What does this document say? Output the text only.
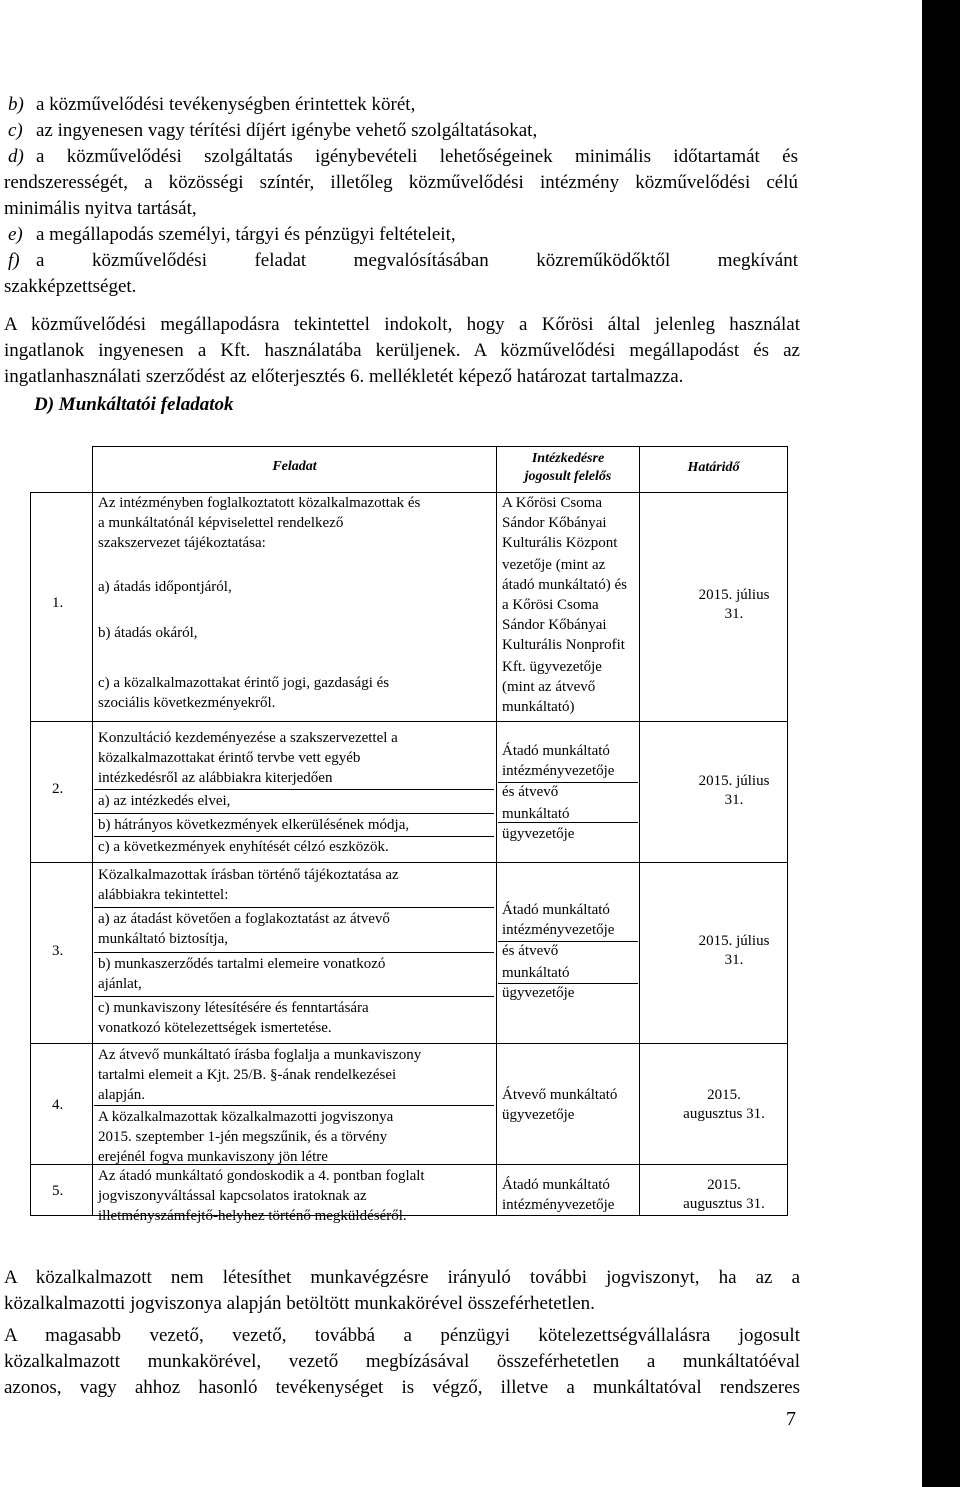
b) a közművelődési tevékenységben érintettek körét,
c) az ingyenesen vagy térítési díjért igénybe vehető szolgáltatásokat,
d) a közművelődési szolgáltatás igénybevételi lehetőségeinek minimális időtartamát és
rendszerességét, a közösségi színtér, illetőleg közművelődési intézmény közművelődési célú
minimális nyitva tartását,
e) a megállapodás személyi, tárgyi és pénzügyi feltételeit,
f) a közművelődési feladat megvalósításában közreműködőktől megkívánt
szakképzettséget.
A közművelődési megállapodásra tekintettel indokolt, hogy a Kőrösi által jelenleg használat
ingatlanok ingyenesen a Kft. használatába kerüljenek. A közművelődési megállapodást és az
ingatlanhasználati szerződést az előterjesztés 6. mellékletét képező határozat tartalmazza.
D) Munkáltatói feladatok
Feladat
Intézkedésre
jogosult felelős
Határidő
1.
Az intézményben foglalkoztatott közalkalmazottak és
a munkáltatónál képviselettel rendelkező
szakszervezet tájékoztatása:
a) átadás időpontjáról,
b) átadás okáról,
c) a közalkalmazottakat érintő jogi, gazdasági és
szociális következményekről.
A Kőrösi Csoma
Sándor Kőbányai
Kulturális Központ
vezetője (mint az
átadó munkáltató) és
a Kőrösi Csoma
Sándor Kőbányai
Kulturális Nonprofit
Kft. ügyvezetője
(mint az átvevő
munkáltató)
2015. július
31.
2.
Konzultáció kezdeményezése a szakszervezettel a
közalkalmazottakat érintő tervbe vett egyéb
intézkedésről az alábbiakra kiterjedően
a) az intézkedés elvei,
b) hátrányos következmények elkerülésének módja,
c) a következmények enyhítését célzó eszközök.
Átadó munkáltató
intézményvezetője
és átvevő
munkáltató
ügyvezetője
2015. július
31.
3.
Közalkalmazottak írásban történő tájékoztatása az
alábbiakra tekintettel:
a) az átadást követően a foglakoztatást az átvevő
munkáltató biztosítja,
b) munkaszerződés tartalmi elemeire vonatkozó
ajánlat,
c) munkaviszony létesítésére és fenntartására
vonatkozó kötelezettségek ismertetése.
Átadó munkáltató
intézményvezetője
és átvevő
munkáltató
ügyvezetője
2015. július
31.
4.
Az átvevő munkáltató írásba foglalja a munkaviszony
tartalmi elemeit a Kjt. 25/B. §-ának rendelkezései
alapján.
A közalkalmazottak közalkalmazotti jogviszonya
2015. szeptember 1-jén megszűnik, és a törvény
erejénél fogva munkaviszony jön létre
Átvevő munkáltató
ügyvezetője
2015.
augusztus 31.
5.
Az átadó munkáltató gondoskodik a 4. pontban foglalt
jogviszonyváltással kapcsolatos iratoknak az
illetményszámfejtő-helyhez történő megküldéséről.
Átadó munkáltató
intézményvezetője
2015.
augusztus 31.
A közalkalmazott nem létesíthet munkavégzésre irányuló további jogviszonyt, ha az a
közalkalmazotti jogviszonya alapján betöltött munkakörével összeférhetetlen.
A magasabb vezető, vezető, továbbá a pénzügyi kötelezettségvállalásra jogosult
közalkalmazott munkakörével, vezető megbízásával összeférhetetlen a munkáltatóéval
azonos, vagy ahhoz hasonló tevékenységet is végző, illetve a munkáltatóval rendszeres
7
